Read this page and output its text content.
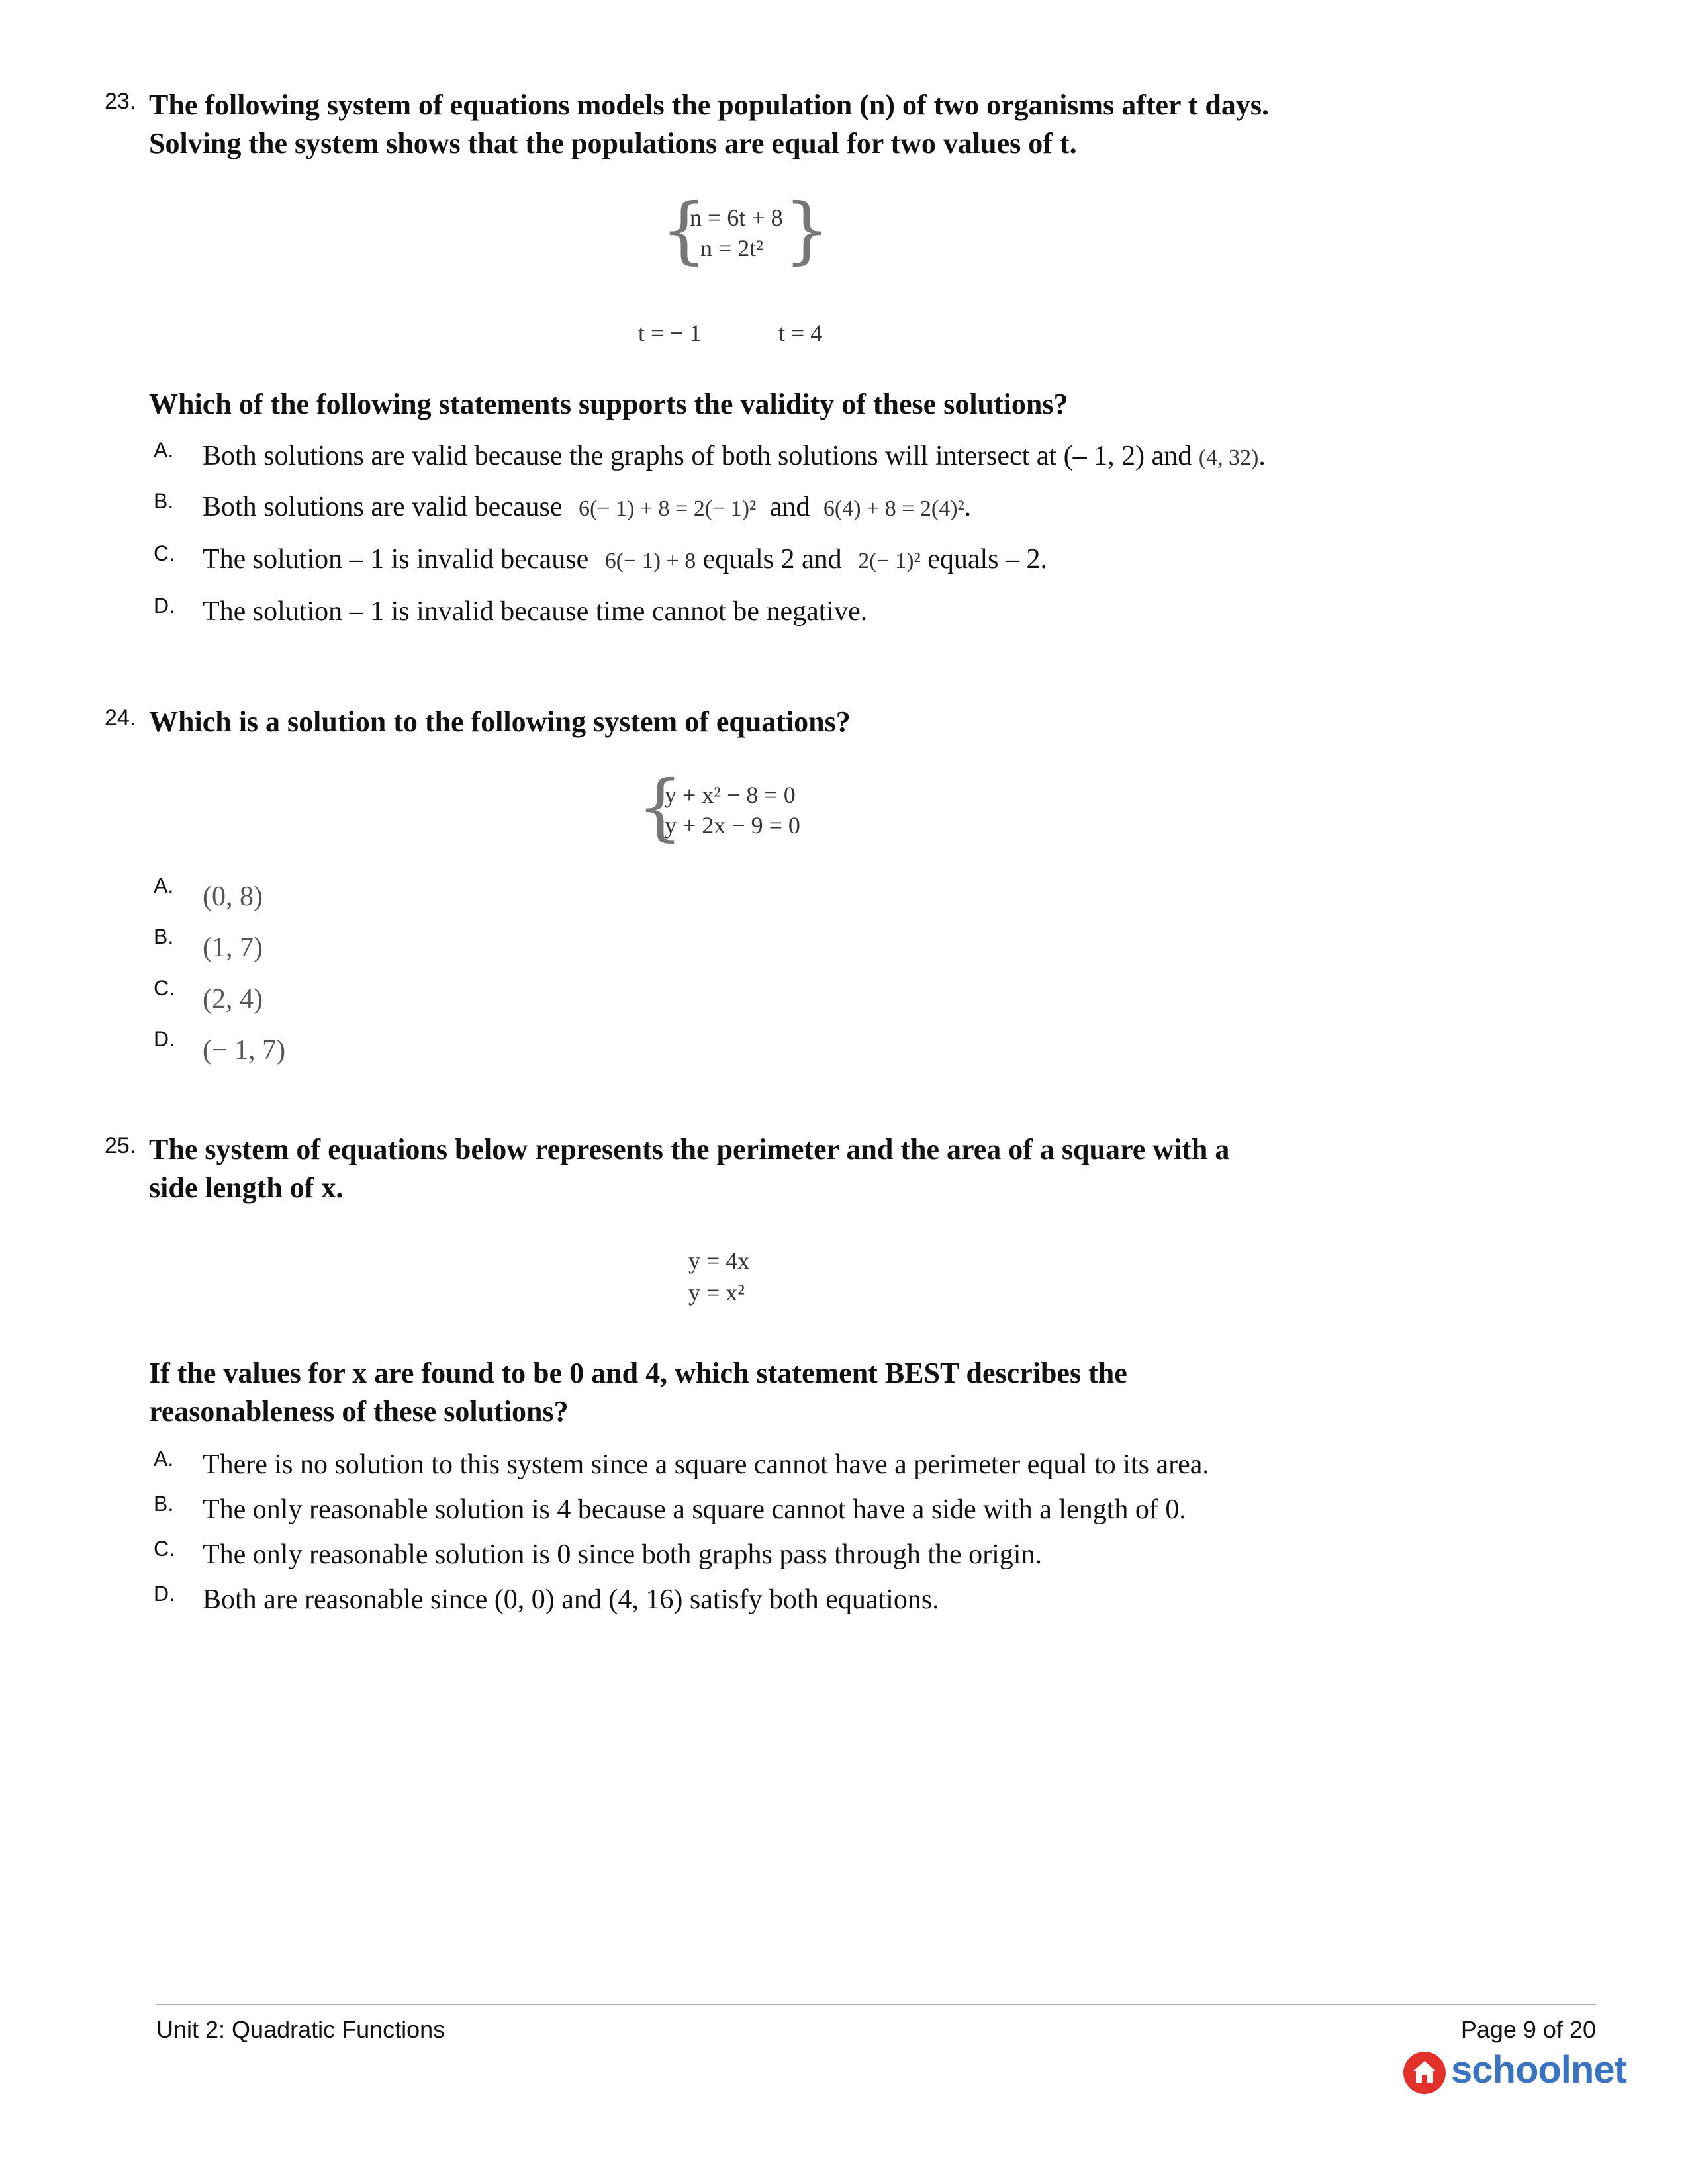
23. The following system of equations models the population (n) of two organisms after t days.
Solving the system shows that the populations are equal for two values of t.
{ }
n = 6t + 8
n = 2t²
t = − 1	t = 4
Which of the following statements supports the validity of these solutions?
A. Both solutions are valid because the graphs of both solutions will intersect at (– 1, 2) and (4, 32).
B. Both solutions are valid because 6(− 1) + 8 = 2(− 1)² and 6(4) + 8 = 2(4)².
C. The solution – 1 is invalid because 6(− 1) + 8 equals 2 and 2(− 1)² equals – 2.
D. The solution – 1 is invalid because time cannot be negative.
24. Which is a solution to the following system of equations?
{
y + x² − 8 = 0
y + 2x − 9 = 0
A. (0, 8)
B. (1, 7)
C. (2, 4)
D. (− 1, 7)
25. The system of equations below represents the perimeter and the area of a square with a
side length of x.
y = 4x
y = x²
If the values for x are found to be 0 and 4, which statement BEST describes the
reasonableness of these solutions?
A. There is no solution to this system since a square cannot have a perimeter equal to its area.
B. The only reasonable solution is 4 because a square cannot have a side with a length of 0.
C. The only reasonable solution is 0 since both graphs pass through the origin.
D. Both are reasonable since (0, 0) and (4, 16) satisfy both equations.
Unit 2: Quadratic Functions	Page 9 of 20
schoolnet
